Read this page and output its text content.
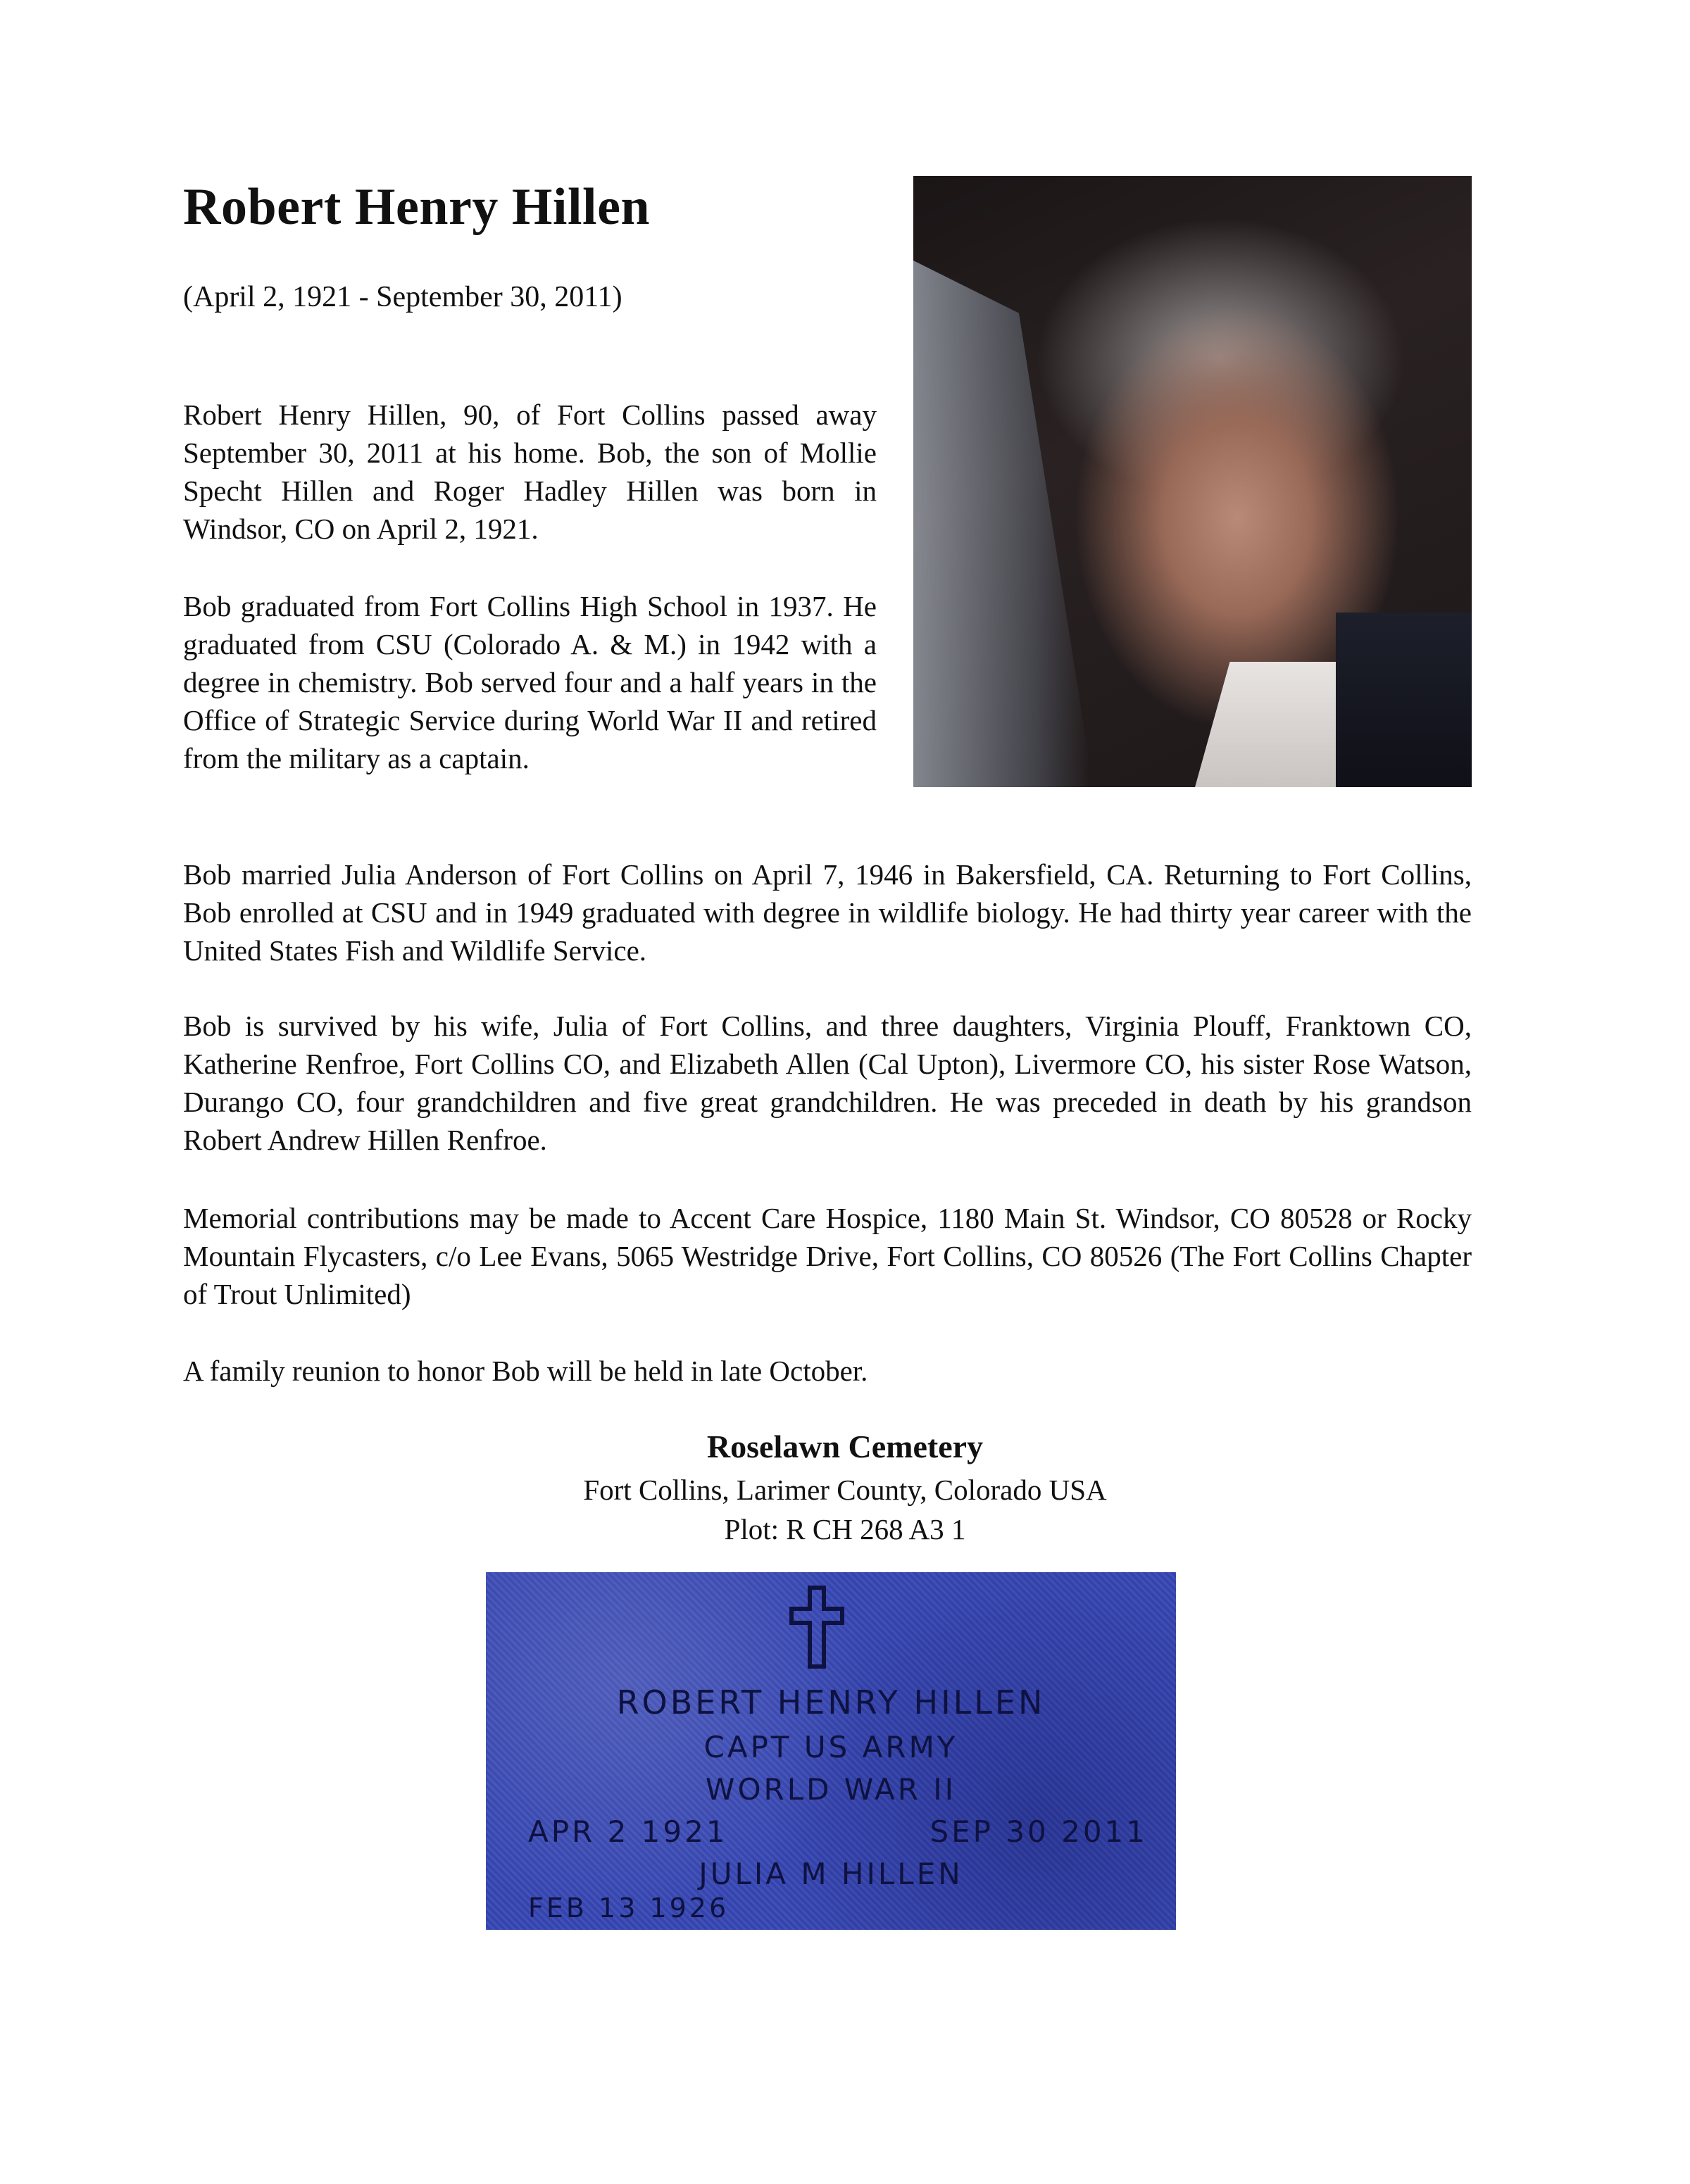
Robert Henry Hillen

(April 2, 1921 - September 30, 2011)

Robert Henry Hillen, 90, of Fort Collins passed away September 30, 2011 at his home. Bob, the son of Mollie Specht Hillen and Roger Hadley Hillen was born in Windsor, CO on April 2, 1921.

Bob graduated from Fort Collins High School in 1937. He graduated from CSU (Colorado A. & M.) in 1942 with a degree in chemistry. Bob served four and a half years in the Office of Strategic Service during World War II and retired from the military as a captain.

Bob married Julia Anderson of Fort Collins on April 7, 1946 in Bakersfield, CA. Returning to Fort Collins, Bob enrolled at CSU and in 1949 graduated with degree in wildlife biology. He had thirty year career with the United States Fish and Wildlife Service.

Bob is survived by his wife, Julia of Fort Collins, and three daughters, Virginia Plouff, Franktown CO, Katherine Renfroe, Fort Collins CO, and Elizabeth Allen (Cal Upton), Livermore CO, his sister Rose Watson, Durango CO, four grandchildren and five great grandchildren. He was preceded in death by his grandson Robert Andrew Hillen Renfroe.

Memorial contributions may be made to Accent Care Hospice, 1180 Main St. Windsor, CO 80528 or Rocky Mountain Flycasters, c/o Lee Evans, 5065 Westridge Drive, Fort Collins, CO 80526 (The Fort Collins Chapter of Trout Unlimited)

A family reunion to honor Bob will be held in late October.

Roselawn Cemetery

Fort Collins, Larimer County, Colorado USA

Plot: R CH 268 A3 1

ROBERT HENRY HILLEN

CAPT US ARMY

WORLD WAR II

APR 2 1921	SEP 30 2011

JULIA M HILLEN

FEB 13 1926
